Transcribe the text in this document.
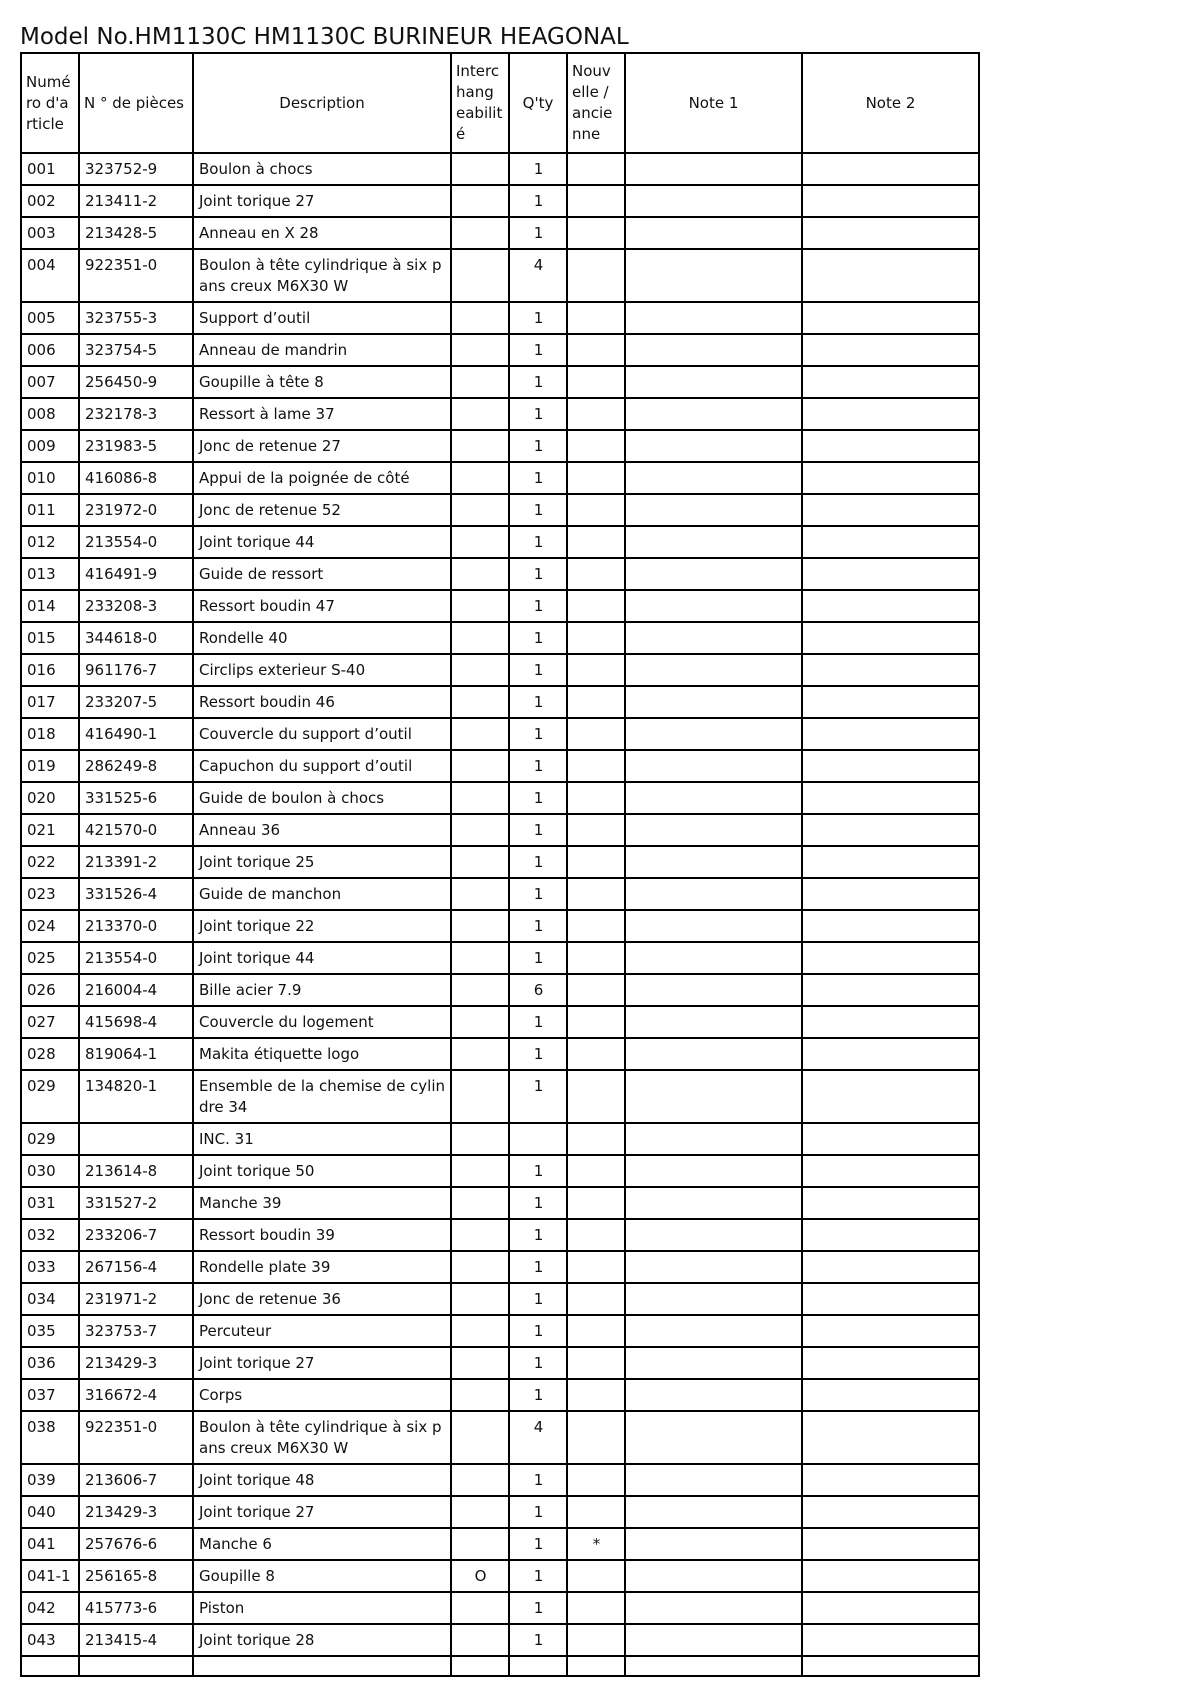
Model No.HM1130C HM1130C BURINEUR HEAGONAL
Numé ro d'a rticle	N ° de pièces	Description	Interc hang eabilit é	Q'ty	Nouv elle / ancie nne	Note 1	Note 2
001	323752-9	Boulon à chocs		1			
002	213411-2	Joint torique 27		1			
003	213428-5	Anneau en X 28		1			
004	922351-0	Boulon à tête cylindrique à six pans creux M6X30 W		4			
005	323755-3	Support d’outil		1			
006	323754-5	Anneau de mandrin		1			
007	256450-9	Goupille à tête 8		1			
008	232178-3	Ressort à lame 37		1			
009	231983-5	Jonc de retenue 27		1			
010	416086-8	Appui de la poignée de côté		1			
011	231972-0	Jonc de retenue 52		1			
012	213554-0	Joint torique 44		1			
013	416491-9	Guide de ressort		1			
014	233208-3	Ressort boudin 47		1			
015	344618-0	Rondelle 40		1			
016	961176-7	Circlips exterieur S-40		1			
017	233207-5	Ressort boudin 46		1			
018	416490-1	Couvercle du support d’outil		1			
019	286249-8	Capuchon du support d’outil		1			
020	331525-6	Guide de boulon à chocs		1			
021	421570-0	Anneau 36		1			
022	213391-2	Joint torique 25		1			
023	331526-4	Guide de manchon		1			
024	213370-0	Joint torique 22		1			
025	213554-0	Joint torique 44		1			
026	216004-4	Bille acier 7.9		6			
027	415698-4	Couvercle du logement		1			
028	819064-1	Makita étiquette logo		1			
029	134820-1	Ensemble de la chemise de cylindre 34		1			
029		INC. 31					
030	213614-8	Joint torique 50		1			
031	331527-2	Manche 39		1			
032	233206-7	Ressort boudin 39		1			
033	267156-4	Rondelle plate 39		1			
034	231971-2	Jonc de retenue 36		1			
035	323753-7	Percuteur		1			
036	213429-3	Joint torique 27		1			
037	316672-4	Corps		1			
038	922351-0	Boulon à tête cylindrique à six pans creux M6X30 W		4			
039	213606-7	Joint torique 48		1			
040	213429-3	Joint torique 27		1			
041	257676-6	Manche 6		1	*		
041-1	256165-8	Goupille 8	O	1			
042	415773-6	Piston		1			
043	213415-4	Joint torique 28		1			
